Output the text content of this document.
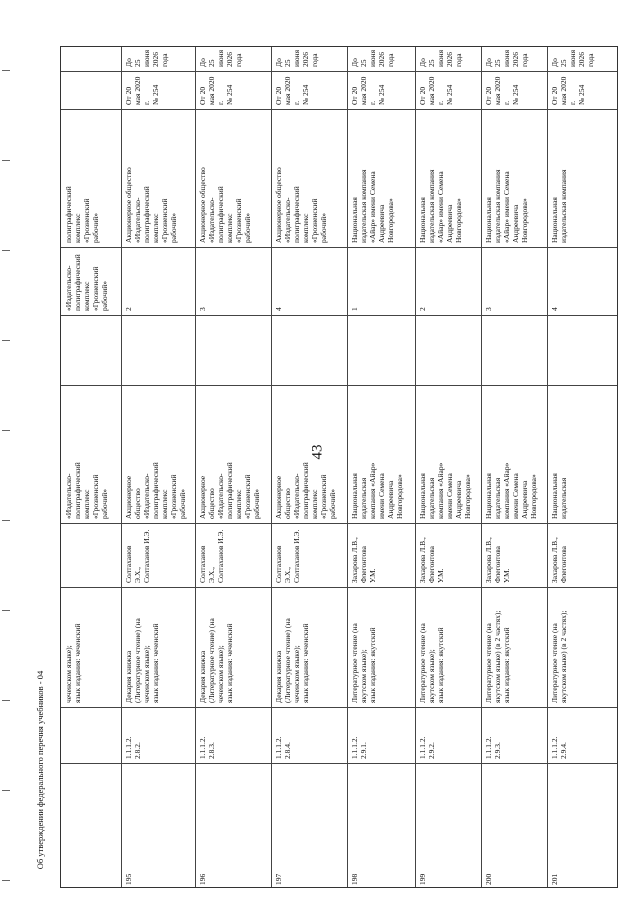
43
Об утверждении федерального перечня учебников - 04	чеченском языке);
язык издания: чеченский
«Издательско-
полиграфический
комплекс
«Грозненский
рабочий»
«Издательско-
полиграфический
комплекс
«Грозненский
рабочий»
полиграфический
комплекс
«Грозненский
рабочий»
До 25 июня 2026
года
От 20 мая 2020 г.
№ 254
Акционерное общество
«Издательско-
полиграфический
комплекс
«Грозненский
рабочий»
2
Акционерное
общество
«Издательско-
полиграфический
комплекс
«Грозненский
рабочий»
Солтаханов
Э.Х.,
Солтаханов И.Э.
Декария книжка
(Литературное чтение) (на
чеченском языке);
язык издания: чеченский
1.1.1.2.
2.8.2.
195
До 25 июня 2026
года
От 20 мая 2020 г.
№ 254
Акционерное общество
«Издательско-
полиграфический
комплекс
«Грозненский
рабочий»
3
Акционерное
общество
«Издательско-
полиграфический
комплекс
«Грозненский
рабочий»
Солтаханов
Э.Х.,
Солтаханов И.Э.
Декария книжка
(Литературное чтение) (на
чеченском языке);
язык издания: чеченский
1.1.1.2.
2.8.3.
196
До 25 июня 2026
года
От 20 мая 2020 г.
№ 254
Акционерное общество
«Издательско-
полиграфический
комплекс
«Грозненский
рабочий»
4
Акционерное
общество
«Издательско-
полиграфический
комплекс
«Грозненский
рабочий»
Солтаханов
Э.Х.,
Солтаханов И.Э.
Декария книжка
(Литературное чтение) (на
чеченском языке);
язык издания: чеченский
1.1.1.2.
2.8.4.
197
До 25 июня 2026
года
От 20 мая 2020 г.
№ 254
Национальная
издательская компания
«Айар» имени Семена
Андреевича
Новгородова»
1
Национальная
издательская
компания «Айар»
имени Семена
Андреевича
Новгородова»
Захарова Л.В.,
Флегонтова
У.М.
Литературное чтение (на
якутском языке);
язык издания: якутский
1.1.1.2.
2.9.1.
198
До 25 июня 2026
года
От 20 мая 2020 г.
№ 254
Национальная
издательская компания
«Айар» имени Семена
Андреевича
Новгородова»
2
Национальная
издательская
компания «Айар»
имени Семена
Андреевича
Новгородова»
Захарова Л.В.,
Флегонтова
У.М.
Литературное чтение (на
якутском языке);
язык издания: якутский
1.1.1.2.
2.9.2.
199
До 25 июня 2026
года
От 20 мая 2020 г.
№ 254
Национальная
издательская компания
«Айар» имени Семена
Андреевича
Новгородова»
3
Национальная
издательская
компания «Айар»
имени Семена
Андреевича
Новгородова»
Захарова Л.В.,
Флегонтова
У.М.
Литературное чтение (на
якутском языке) (в 2 частях);
язык издания: якутский
1.1.1.2.
2.9.3.
200
До 25 июня 2026
года
От 20 мая 2020 г.
№ 254
Национальная
издательская компания
4
Национальная
издательская
Захарова Л.В.,
Флегонтова
Литературное чтение (на
якутском языке) (в 2 частях);
1.1.1.2.
2.9.4.
201
